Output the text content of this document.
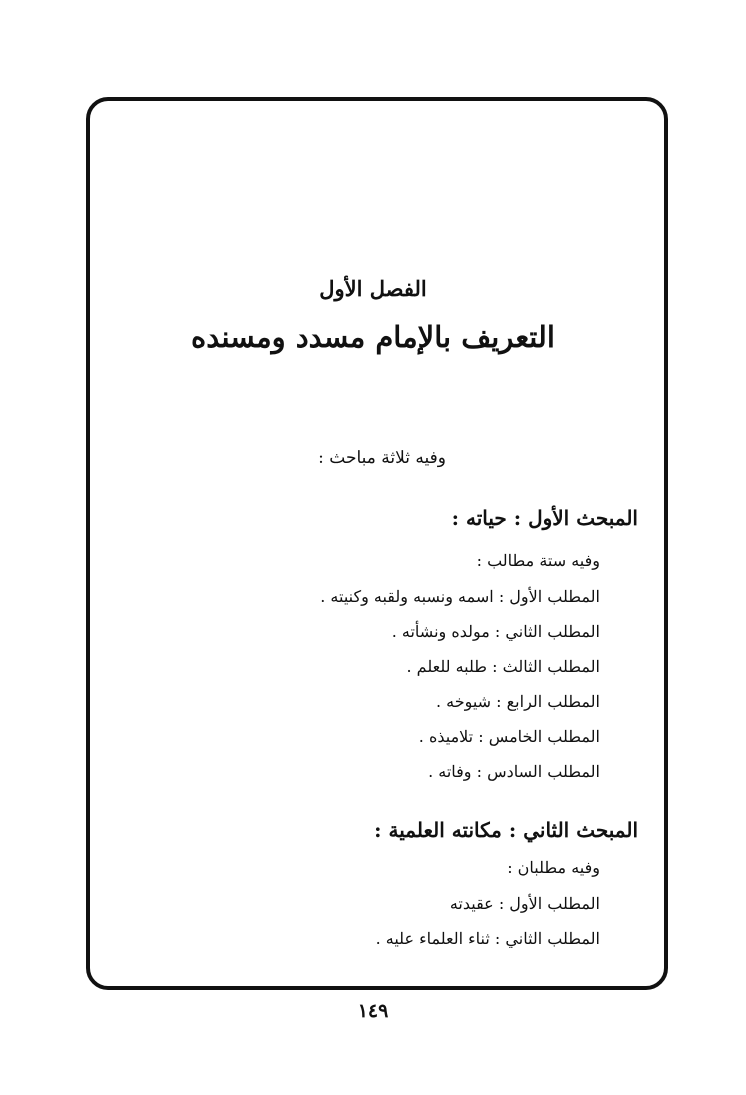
الفصل الأول
التعريف بالإمام مسدد ومسنده
وفيه ثلاثة مباحث :
المبحث الأول : حياته :
وفيه ستة مطالب :
المطلب الأول : اسمه ونسبه ولقبه وكنيته .
المطلب الثاني : مولده ونشأته .
المطلب الثالث : طلبه للعلم .
المطلب الرابع : شيوخه .
المطلب الخامس : تلاميذه .
المطلب السادس : وفاته .
المبحث الثاني : مكانته العلمية :
وفيه مطلبان :
المطلب الأول : عقيدته
المطلب الثاني : ثناء العلماء عليه .
١٤٩
